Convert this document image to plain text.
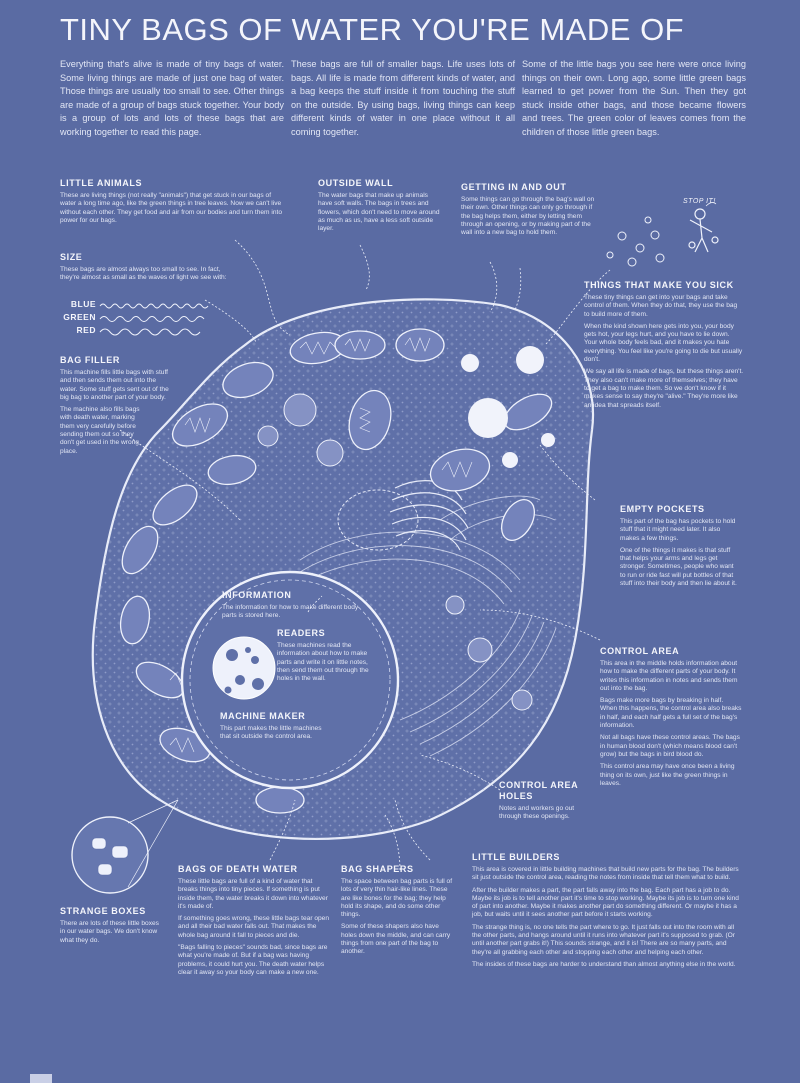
TINY BAGS OF WATER YOU'RE MADE OF
Everything that's alive is made of tiny bags of water. Some living things are made of just one bag of water. Those things are usually too small to see. Other things are made of a group of bags stuck together. Your body is a group of lots and lots of these bags that are working together to read this page.
These bags are full of smaller bags. Life uses lots of bags. All life is made from different kinds of water, and a bag keeps the stuff inside it from touching the stuff on the outside. By using bags, living things can keep different kinds of water in one place without it all coming together.
Some of the little bags you see here were once living things on their own. Long ago, some little green bags learned to get power from the Sun. Then they got stuck inside other bags, and those became flowers and trees. The green color of leaves comes from the children of those little green bags.
LITTLE ANIMALS

These are living things (not really "animals") that get stuck in our bags of water a long time ago, like the green things in tree leaves. Now we can't live without each other. They get food and air from our bodies and turn them into power for our bags.

OUTSIDE WALL

The water bags that make up animals have soft walls. The bags in trees and flowers, which don't need to move around as much as us, have a less soft outside layer.

GETTING IN AND OUT

Some things can go through the bag's wall on their own. Other things can only go through if the bag helps them, either by letting them through an opening, or by making part of the wall into a new bag to hold them.

STOP IT!
SIZE

These bags are almost always too small to see. In fact, they're almost as small as the waves of light we see with:

BLUE
GREEN
RED
THINGS THAT MAKE YOU SICK

These tiny things can get into your bags and take control of them. When they do that, they use the bag to build more of them.

When the kind shown here gets into you, your body gets hot, your legs hurt, and you have to lie down. Your whole body feels bad, and it makes you hate everything. You feel like you're going to die but usually don't.

We say all life is made of bags, but these things aren't. They also can't make more of themselves; they have to get a bag to make them. So we don't know if it makes sense to say they're "alive." They're more like an idea that spreads itself.

BAG FILLER

This machine fills little bags with stuff and then sends them out into the water. Some stuff gets sent out of the big bag to another part of your body.

The machine also fills bags with death water, marking them very carefully before sending them out so they don't get used in the wrong place.

EMPTY POCKETS

This part of the bag has pockets to hold stuff that it might need later. It also makes a few things.

One of the things it makes is that stuff that helps your arms and legs get stronger. Sometimes, people who want to run or ride fast will put bottles of that stuff into their body and then lie about it.

INFORMATION

The information for how to make different body parts is stored here.

READERS

These machines read the information about how to make parts and write it on little notes, then send them out through the holes in the wall.

MACHINE MAKER

This part makes the little machines that sit outside the control area.

CONTROL AREA

This area in the middle holds information about how to make the different parts of your body. It writes this information in notes and sends them out into the bag.

Bags make more bags by breaking in half. When this happens, the control area also breaks in half, and each half gets a full set of the bag's information.

Not all bags have these control areas. The bags in human blood don't (which means blood can't grow) but the bags in bird blood do.

This control area may have once been a living thing on its own, just like the green things in leaves.

CONTROL AREA HOLES

Notes and workers go out through these openings.

STRANGE BOXES

There are lots of these little boxes in our water bags. We don't know what they do.

BAGS OF DEATH WATER

These little bags are full of a kind of water that breaks things into tiny pieces. If something is put inside them, the water breaks it down into whatever it's made of.

If something goes wrong, these little bags tear open and all their bad water falls out. That makes the whole bag around it fall to pieces and die.

"Bags falling to pieces" sounds bad, since bags are what you're made of. But if a bag was having problems, it could hurt you. The death water helps clear it away so your body can make a new one.

BAG SHAPERS

The space between bag parts is full of lots of very thin hair-like lines. These are like bones for the bag; they help hold its shape, and do some other things.

Some of these shapers also have holes down the middle, and can carry things from one part of the bag to another.

LITTLE BUILDERS

This area is covered in little building machines that build new parts for the bag. The builders sit just outside the control area, reading the notes from inside that tell them what to build.

After the builder makes a part, the part falls away into the bag. Each part has a job to do. Maybe its job is to tell another part it's time to stop working. Maybe its job is to turn one kind of part into another. Maybe it makes another part do something different. Or maybe it has a job, but waits until it sees another part before it starts working.

The strange thing is, no one tells the part where to go. It just falls out into the room with all the other parts, and hangs around until it runs into whatever part it's supposed to grab. (Or until another part grabs it!) This sounds strange, and it is! There are so many parts, and they're all grabbing each other and stopping each other and helping each other.

The insides of these bags are harder to understand than almost anything else in the world.
